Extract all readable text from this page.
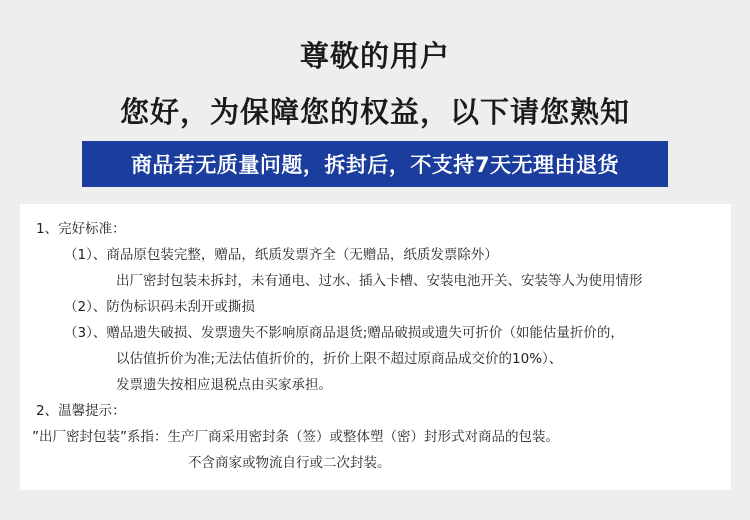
尊敬的用户
您好，为保障您的权益，以下请您熟知
商品若无质量问题，拆封后，不支持7天无理由退货
1、完好标准：
（1）、商品原包装完整，赠品，纸质发票齐全（无赠品，纸质发票除外）
出厂密封包装未拆封，未有通电、过水、插入卡槽、安装电池开关、安装等人为使用情形
（2）、防伪标识码未刮开或撕损
（3）、赠品遗失破损、发票遗失不影响原商品退货;赠品破损或遗失可折价（如能估量折价的，
以估值折价为准;无法估值折价的，折价上限不超过原商品成交价的10%）、
发票遗失按相应退税点由买家承担。
2、温馨提示：
”出厂密封包装”系指：生产厂商采用密封条（签）或整体塑（密）封形式对商品的包装。
不含商家或物流自行或二次封装。
